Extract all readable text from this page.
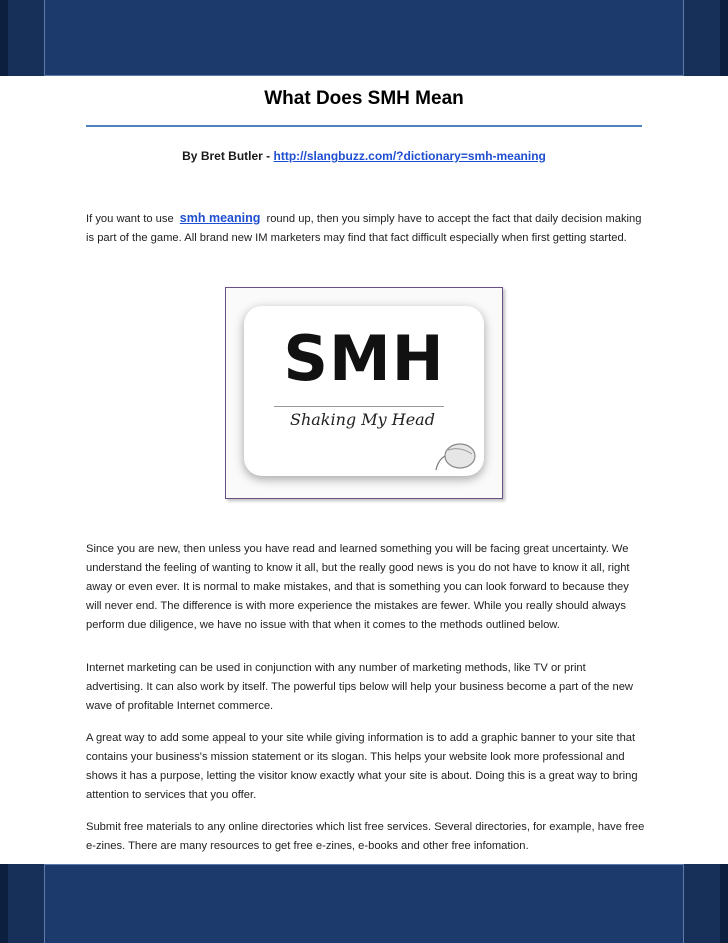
What Does SMH Mean
By Bret Butler - http://slangbuzz.com/?dictionary=smh-meaning

If you want to use smh meaning round up, then you simply have to accept the fact that daily decision making is part of the game. All brand new IM marketers may find that fact difficult especially when first getting started.

SMH
Shaking My Head

Since you are new, then unless you have read and learned something you will be facing great uncertainty. We understand the feeling of wanting to know it all, but the really good news is you do not have to know it all, right away or even ever. It is normal to make mistakes, and that is something you can look forward to because they will never end. The difference is with more experience the mistakes are fewer. While you really should always perform due diligence, we have no issue with that when it comes to the methods outlined below.

Internet marketing can be used in conjunction with any number of marketing methods, like TV or print advertising. It can also work by itself. The powerful tips below will help your business become a part of the new wave of profitable Internet commerce.

A great way to add some appeal to your site while giving information is to add a graphic banner to your site that contains your business's mission statement or its slogan. This helps your website look more professional and shows it has a purpose, letting the visitor know exactly what your site is about. Doing this is a great way to bring attention to services that you offer.

Submit free materials to any online directories which list free services. Several directories, for example, have free e-zines. There are many resources to get free e-zines, e-books and other free infomation.
